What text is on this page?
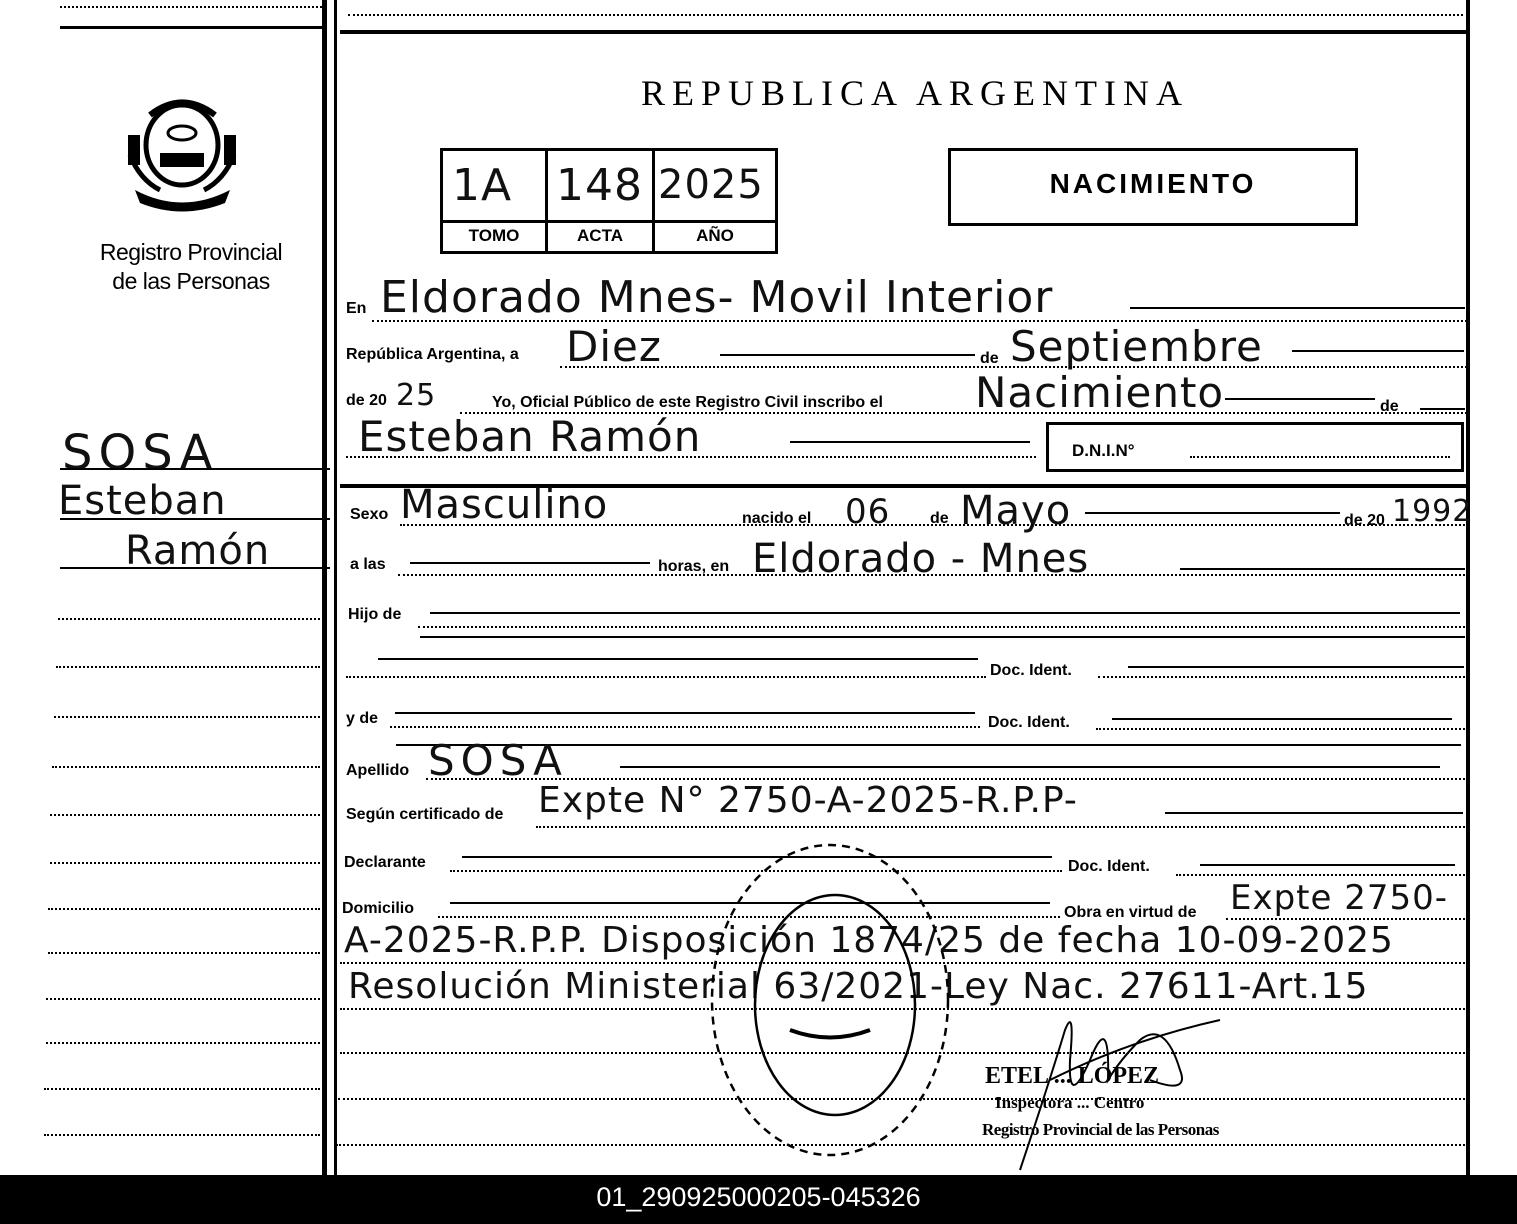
Registro Provincial
de las Personas
REPUBLICA ARGENTINA
1A 148 2025
TOMO	ACTA	AÑO
NACIMIENTO
SOSA
Esteban
Ramón
En Eldorado Mnes- Movil Interior
República Argentina, a Diez	de Septiembre
de 20 25	Yo, Oficial Público de este Registro Civil inscribo el Nacimiento	de
Esteban Ramón	D.N.I.N°
Sexo Masculino	nacido el 06 de Mayo	de 20 1992
a las	horas, en Eldorado - Mnes
Hijo de
Doc. Ident.
y de	Doc. Ident.
Apellido SOSA
Según certificado de Expte N° 2750-A-2025-R.P.P-
Declarante	Doc. Ident.
Domicilio	Obra en virtud de Expte 2750-
A-2025-R.P.P. Disposición 1874/25 de fecha 10-09-2025
Resolución Ministerial 63/2021-Ley Nac. 27611-Art.15
ETEL ... LÓPEZ
Inspectora ... Centro
Registro Provincial de las Personas
01_290925000205-045326
